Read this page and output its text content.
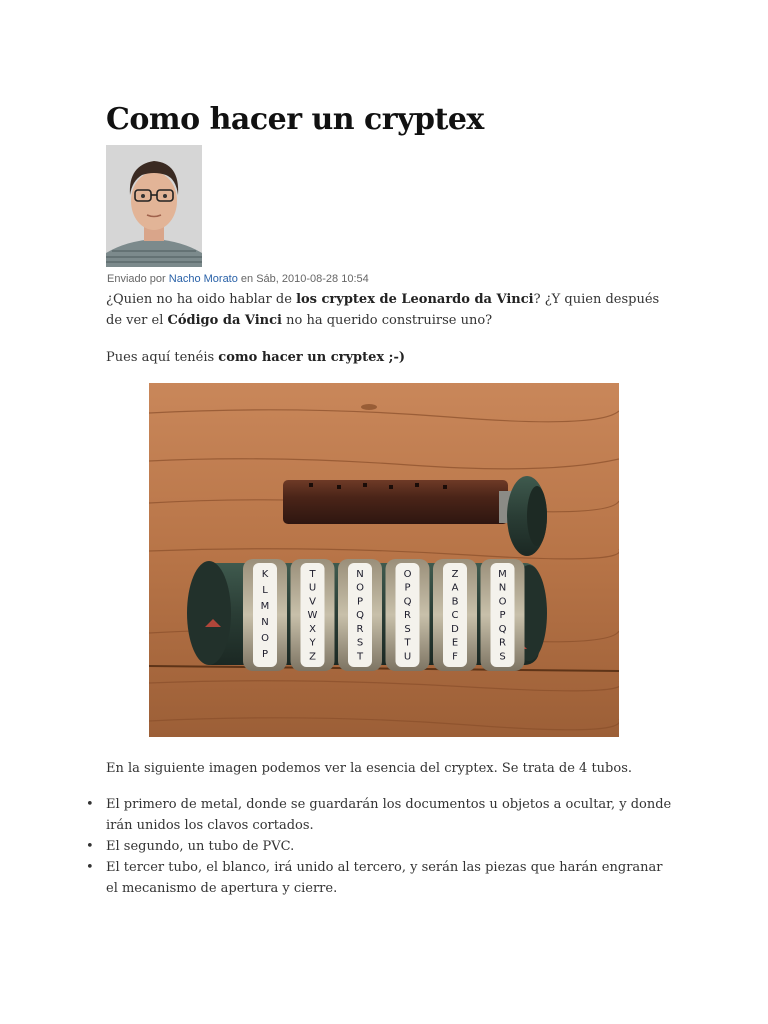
Como hacer un cryptex
Enviado por Nacho Morato en Sáb, 2010-08-28 10:54

¿Quien no ha oido hablar de los cryptex de Leonardo da Vinci? ¿Y quien después de ver el Código da Vinci no ha querido construirse uno?

Pues aquí tenéis como hacer un cryptex ;-)

K
L
M
N
O
P
T
U
V
W
X
Y
Z
N
O
P
Q
R
S
T
O
P
Q
R
S
T
U
Z
A
B
C
D
E
F
M
N
O
P
Q
R
S

En la siguiente imagen podemos ver la esencia del cryptex. Se trata de 4 tubos.

• El primero de metal, donde se guardarán los documentos u objetos a ocultar, y donde irán unidos los clavos cortados.
• El segundo, un tubo de PVC.
• El tercer tubo, el blanco, irá unido al tercero, y serán las piezas que harán engranar el mecanismo de apertura y cierre.
